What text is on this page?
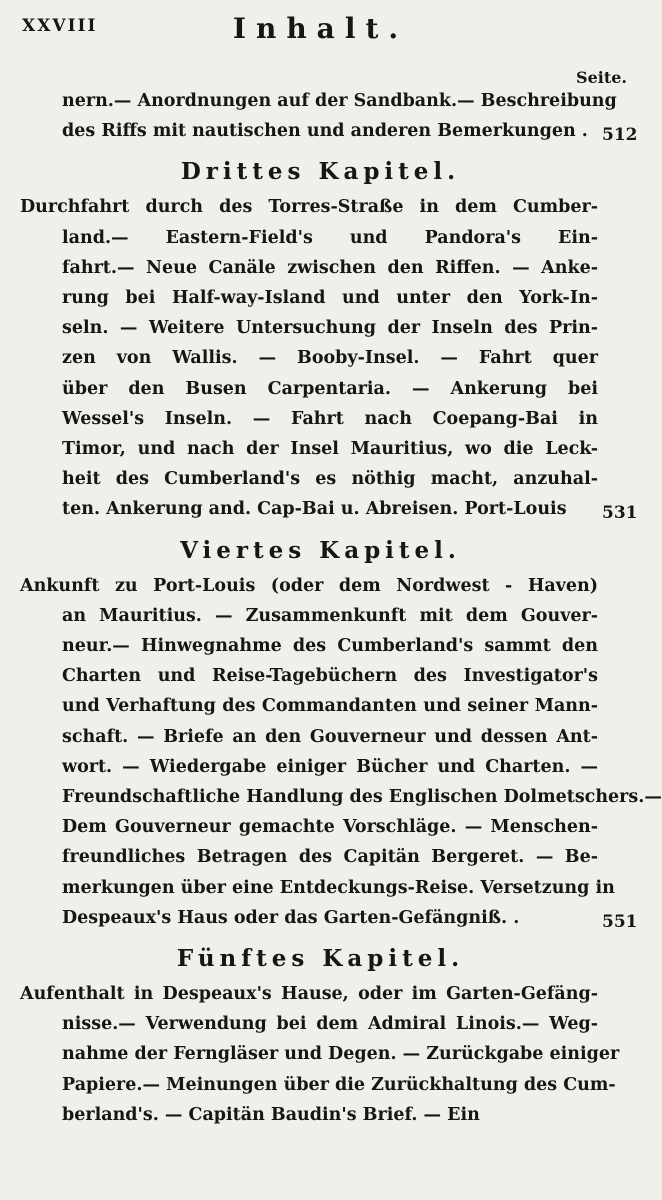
XXVIII	Inhalt.
Seite.
nern.— Anordnungen auf der Sandbank.— Beschreibung
des Riffs mit nautischen und anderen Bemerkungen . 512
Drittes Kapitel.
Durchfahrt durch des Torres-Straße in dem Cumber-
land.— Eastern-Field's und Pandora's Ein-
fahrt.— Neue Canäle zwischen den Riffen. — Anke-
rung bei Half-way-Island und unter den York-In-
seln. — Weitere Untersuchung der Inseln des Prin-
zen von Wallis. — Booby-Insel. — Fahrt quer
über den Busen Carpentaria. — Ankerung bei
Wessel's Inseln. — Fahrt nach Coepang-Bai in
Timor, und nach der Insel Mauritius, wo die Leck-
heit des Cumberland's es nöthig macht, anzuhal-
ten. Ankerung and. Cap-Bai u. Abreisen. Port-Louis	531
Viertes Kapitel.
Ankunft zu Port-Louis (oder dem Nordwest - Haven)
an Mauritius. — Zusammenkunft mit dem Gouver-
neur.— Hinwegnahme des Cumberland's sammt den
Charten und Reise-Tagebüchern des Investigator's
und Verhaftung des Commandanten und seiner Mann-
schaft. — Briefe an den Gouverneur und dessen Ant-
wort. — Wiedergabe einiger Bücher und Charten. —
Freundschaftliche Handlung des Englischen Dolmetschers.—
Dem Gouverneur gemachte Vorschläge. — Menschen-
freundliches Betragen des Capitän Bergeret. — Be-
merkungen über eine Entdeckungs-Reise. Versetzung in
Despeaux's Haus oder das Garten-Gefängniß. .	551
Fünftes Kapitel.
Aufenthalt in Despeaux's Hause, oder im Garten-Gefäng-
nisse.— Verwendung bei dem Admiral Linois.— Weg-
nahme der Ferngläser und Degen. — Zurückgabe einiger
Papiere.— Meinungen über die Zurückhaltung des Cum-
berland's. — Capitän Baudin's Brief. — Ein
